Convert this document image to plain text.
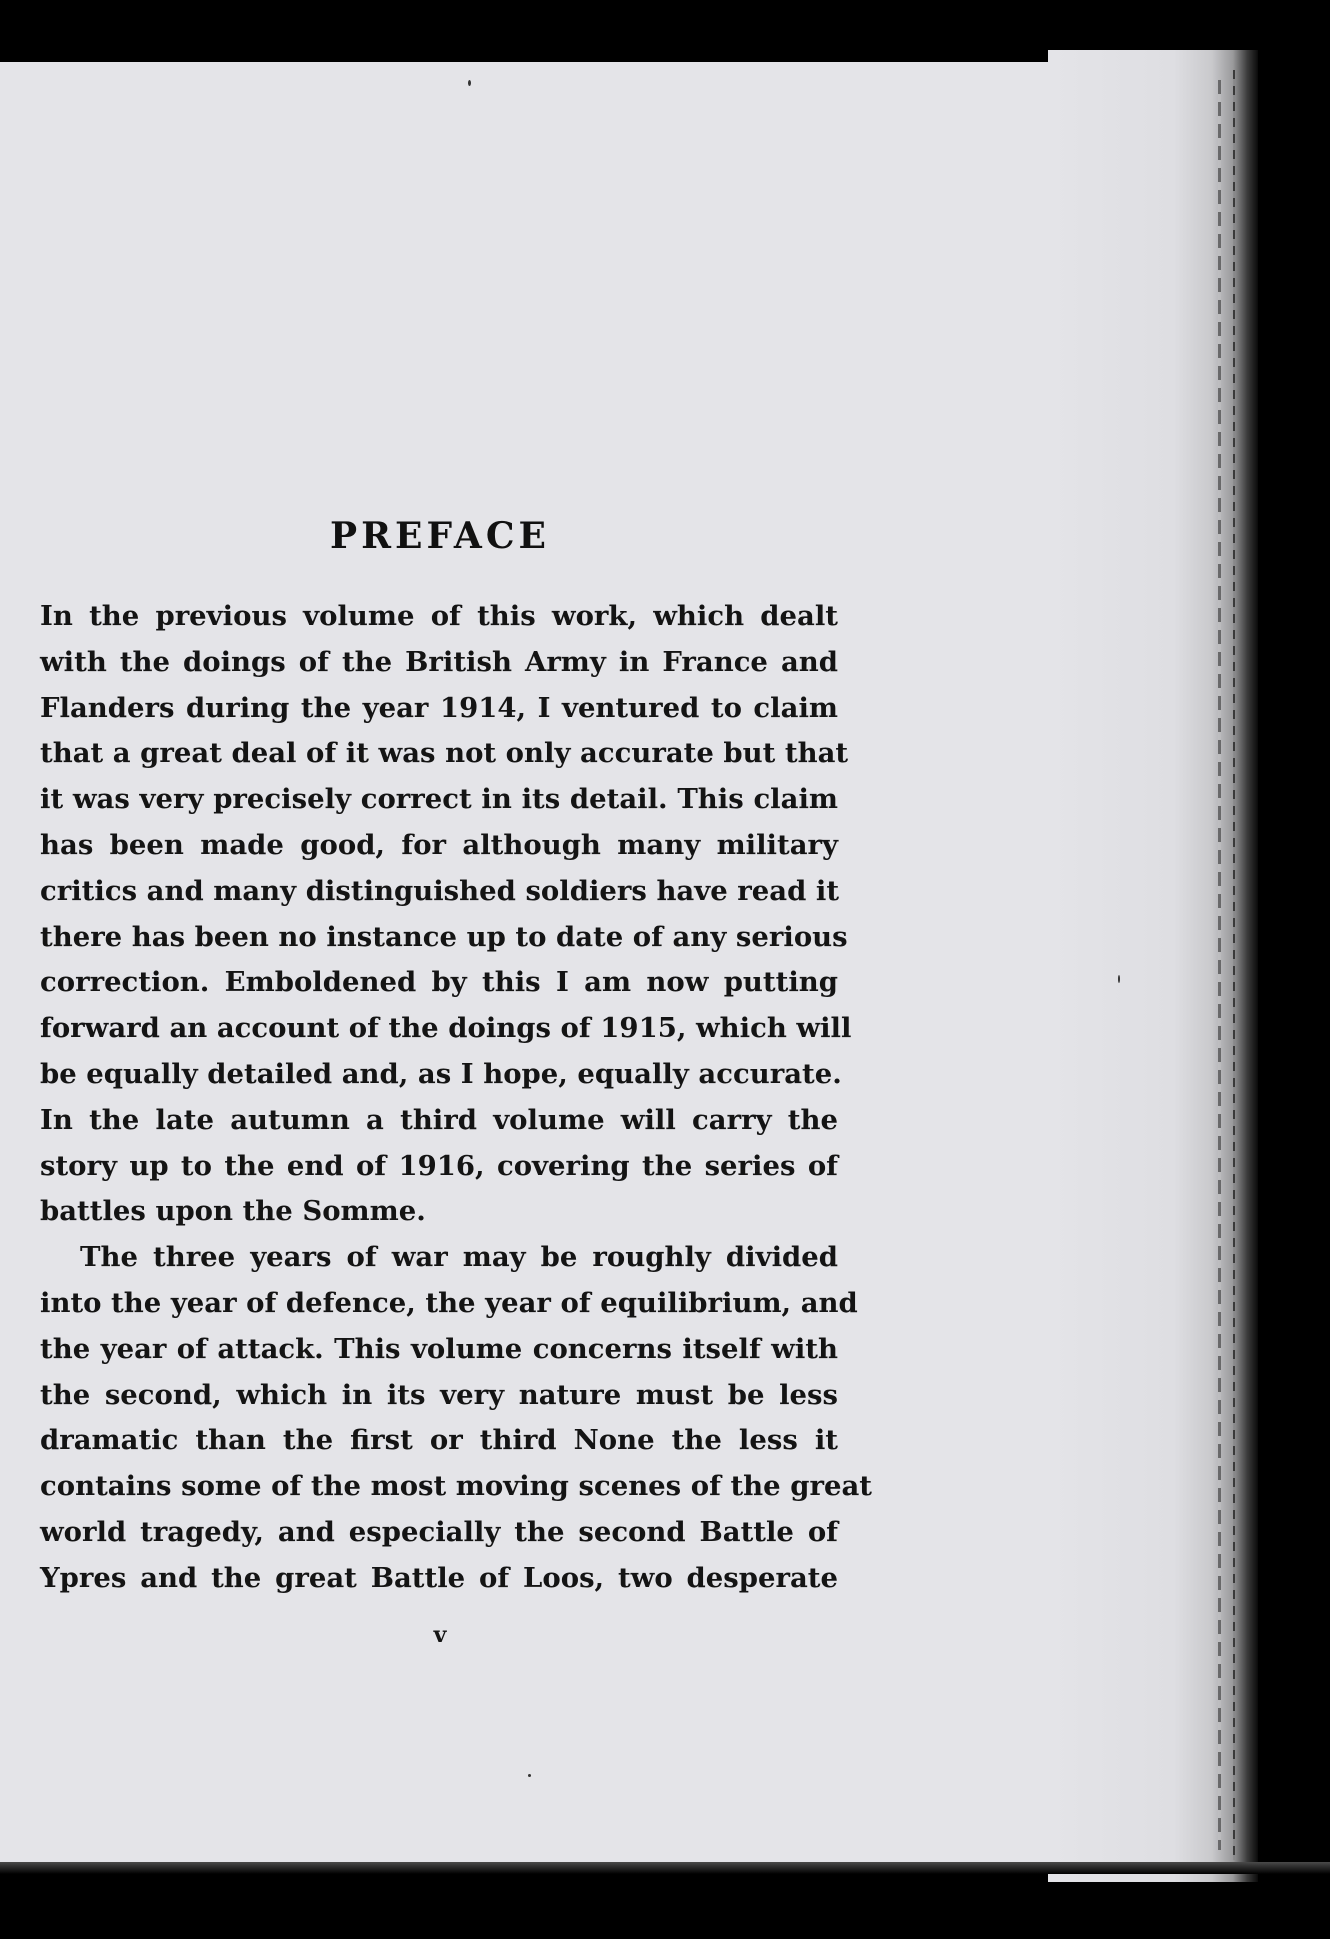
PREFACE
In the previous volume of this work, which dealt
with the doings of the British Army in France and
Flanders during the year 1914, I ventured to claim
that a great deal of it was not only accurate but that
it was very precisely correct in its detail. This claim
has been made good, for although many military
critics and many distinguished soldiers have read it
there has been no instance up to date of any serious
correction. Emboldened by this I am now putting
forward an account of the doings of 1915, which will
be equally detailed and, as I hope, equally accurate.
In the late autumn a third volume will carry the
story up to the end of 1916, covering the series of
battles upon the Somme.
The three years of war may be roughly divided
into the year of defence, the year of equilibrium, and
the year of attack. This volume concerns itself with
the second, which in its very nature must be less
dramatic than the first or third None the less it
contains some of the most moving scenes of the great
world tragedy, and especially the second Battle of
Ypres and the great Battle of Loos, two desperate
v
